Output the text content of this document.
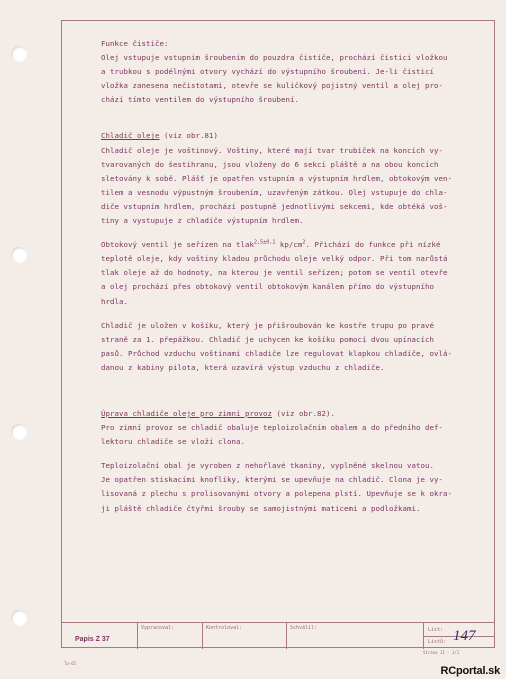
Funkce čističe:

Olej vstupuje vstupním šroubením do pouzdra čističe, prochází čisticí vložkou

a trubkou s podélnými otvory vychází do výstupního šroubení. Je-li čisticí

vložka zanesena nečistotami, otevře se kuličkový pojistný ventil a olej pro-

chází tímto ventilem do výstupního šroubení.

Chladič oleje (viz obr.81)

Chladič oleje je voštinový. Voštiny, které mají tvar trubiček na koncích vy-

tvarovaných do šestihranu, jsou vloženy do 6 sekcí pláště a na obou koncích

sletovány k sobě. Plášť je opatřen vstupním a výstupním hrdlem, obtokovým ven-

tilem a vesnodu výpustným šroubením, uzavřeným zátkou. Olej vstupuje do chla-

diče vstupním hrdlem, prochází postupně jednotlivými sekcemi, kde obtéká voš-

tiny a vystupuje z chladiče výstupním hrdlem.

Obtokový ventil je seřízen na tlak$^{2,5\pm 0,1}$ $kp/cm^2$. Přichází do funkce při nízké

teplotě oleje, kdy voštiny kladou průchodu oleje velký odpor. Při tom narůstá

tlak oleje až do hodnoty, na kterou je ventil seřízen; potom se ventil otevře

a olej prochází přes obtokový ventil obtokovým kanálem přímo do výstupního

hrdla.

Chladič je uložen v košíku, který je přišroubován ke kostře trupu po pravé

straně za 1. přepážkou. Chladič je uchycen ke košíku pomocí dvou upínacích

pasů. Průchod vzduchu voštinami chladiče lze regulovat klapkou chladiče, ovlá-

danou z kabiny pilota, která uzavírá výstup vzduchu z chladiče.

Úprava chladiče oleje pro zimní provoz (viz obr.82).

Pro zimní provoz se chladič obaluje teploizolačním obalem a do předního def-

lektoru chladiče se vloží clona.

Teploizolační obal je vyroben z nehořlavé tkaniny, vyplněné skelnou vatou.

Je opatřen stiskacími knoflíky, kterými se upevňuje na chladič. Clona je vy-

lisovaná z plechu s prolisovanými otvory a polepena plstí. Upevňuje se k okra-

ji pláště chladiče čtyřmi šrouby se samojistnými maticemi a podložkami.

Papis Z 37
Vypracoval:	Kontroloval:	Schválil:	List:
Listů: 147
Ta-65
Strana 11 - 1/1
RCportal.sk
